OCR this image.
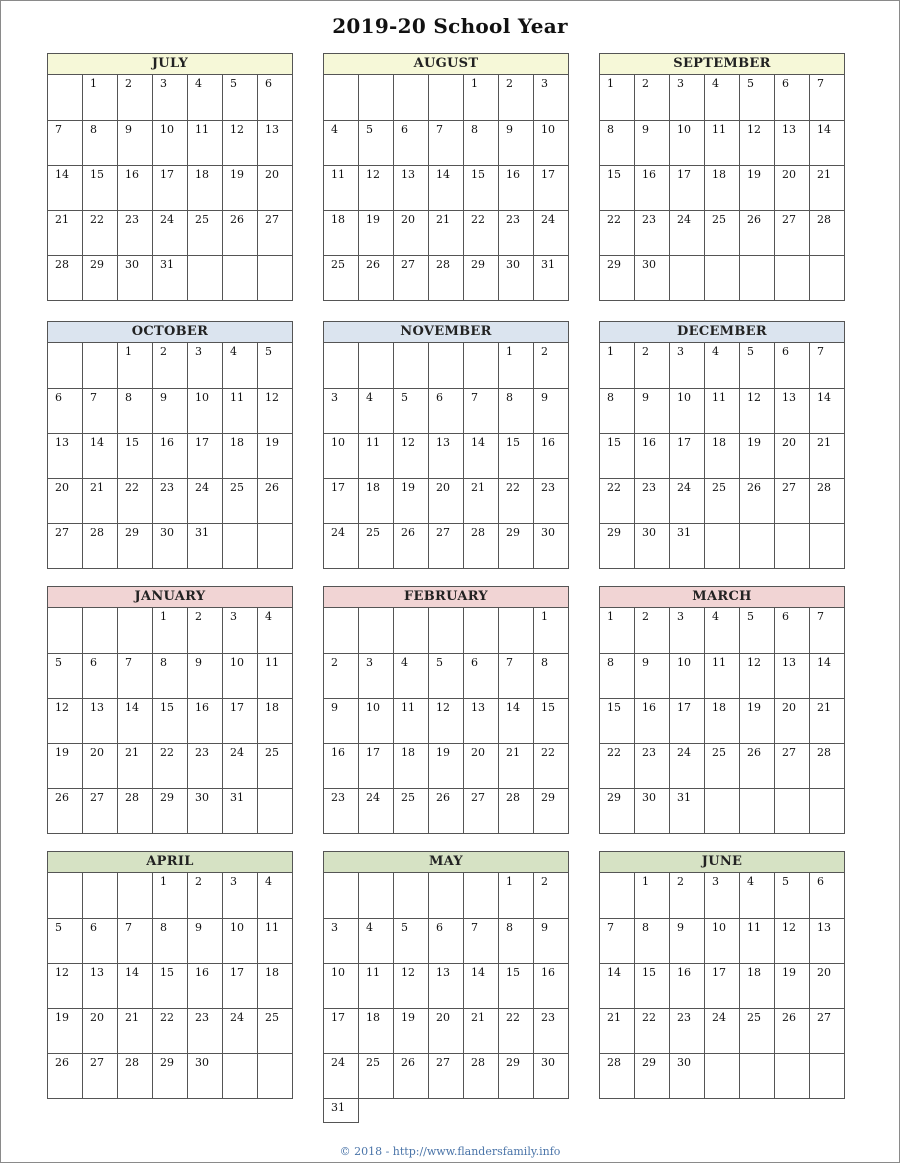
2019-20 School Year
JULY
	1	2	3	4	5	6
7	8	9	10	11	12	13
14	15	16	17	18	19	20
21	22	23	24	25	26	27
28	29	30	31			
AUGUST
				1	2	3
4	5	6	7	8	9	10
11	12	13	14	15	16	17
18	19	20	21	22	23	24
25	26	27	28	29	30	31
SEPTEMBER
1	2	3	4	5	6	7
8	9	10	11	12	13	14
15	16	17	18	19	20	21
22	23	24	25	26	27	28
29	30					
OCTOBER
		1	2	3	4	5
6	7	8	9	10	11	12
13	14	15	16	17	18	19
20	21	22	23	24	25	26
27	28	29	30	31		
NOVEMBER
					1	2
3	4	5	6	7	8	9
10	11	12	13	14	15	16
17	18	19	20	21	22	23
24	25	26	27	28	29	30
DECEMBER
1	2	3	4	5	6	7
8	9	10	11	12	13	14
15	16	17	18	19	20	21
22	23	24	25	26	27	28
29	30	31				
JANUARY
			1	2	3	4
5	6	7	8	9	10	11
12	13	14	15	16	17	18
19	20	21	22	23	24	25
26	27	28	29	30	31	
FEBRUARY
						1
2	3	4	5	6	7	8
9	10	11	12	13	14	15
16	17	18	19	20	21	22
23	24	25	26	27	28	29
MARCH
1	2	3	4	5	6	7
8	9	10	11	12	13	14
15	16	17	18	19	20	21
22	23	24	25	26	27	28
29	30	31				
APRIL
			1	2	3	4
5	6	7	8	9	10	11
12	13	14	15	16	17	18
19	20	21	22	23	24	25
26	27	28	29	30		
MAY
					1	2
3	4	5	6	7	8	9
10	11	12	13	14	15	16
17	18	19	20	21	22	23
24	25	26	27	28	29	30
31						
JUNE
	1	2	3	4	5	6
7	8	9	10	11	12	13
14	15	16	17	18	19	20
21	22	23	24	25	26	27
28	29	30				
© 2018 - http://www.flandersfamily.info
